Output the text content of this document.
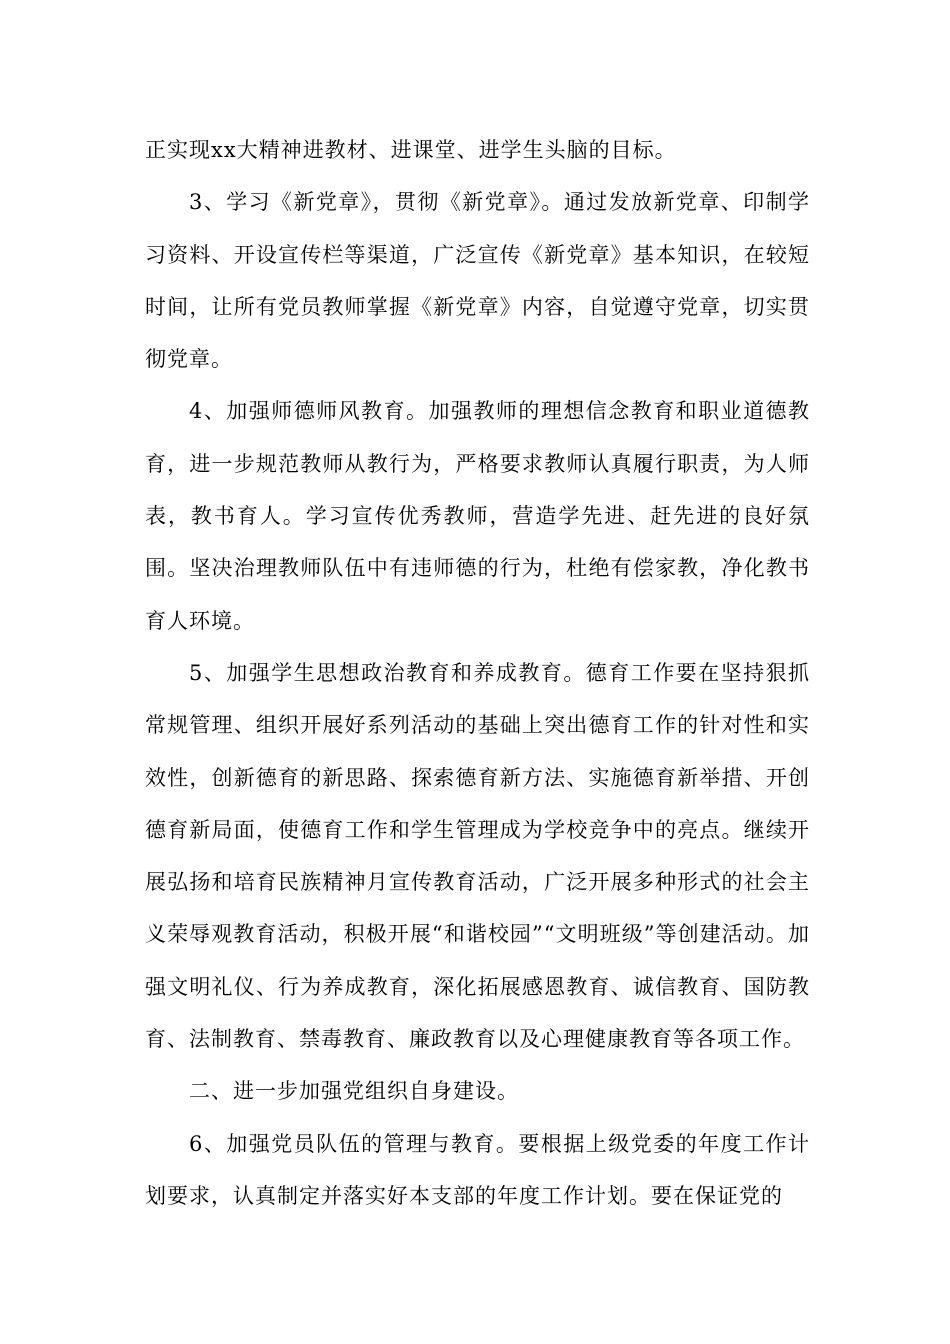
正实现xx大精神进教材、进课堂、进学生头脑的目标。

3、学习《新党章》，贯彻《新党章》。通过发放新党章、印制学习资料、开设宣传栏等渠道，广泛宣传《新党章》基本知识，在较短时间，让所有党员教师掌握《新党章》内容，自觉遵守党章，切实贯彻党章。

4、加强师德师风教育。加强教师的理想信念教育和职业道德教育，进一步规范教师从教行为，严格要求教师认真履行职责，为人师表，教书育人。学习宣传优秀教师，营造学先进、赶先进的良好氛围。坚决治理教师队伍中有违师德的行为，杜绝有偿家教，净化教书育人环境。

5、加强学生思想政治教育和养成教育。德育工作要在坚持狠抓常规管理、组织开展好系列活动的基础上突出德育工作的针对性和实效性，创新德育的新思路、探索德育新方法、实施德育新举措、开创德育新局面，使德育工作和学生管理成为学校竞争中的亮点。继续开展弘扬和培育民族精神月宣传教育活动，广泛开展多种形式的社会主义荣辱观教育活动，积极开展“和谐校园”“文明班级”等创建活动。加强文明礼仪、行为养成教育，深化拓展感恩教育、诚信教育、国防教育、法制教育、禁毒教育、廉政教育以及心理健康教育等各项工作。

二、进一步加强党组织自身建设。

6、加强党员队伍的管理与教育。要根据上级党委的年度工作计划要求，认真制定并落实好本支部的年度工作计划。要在保证党的
